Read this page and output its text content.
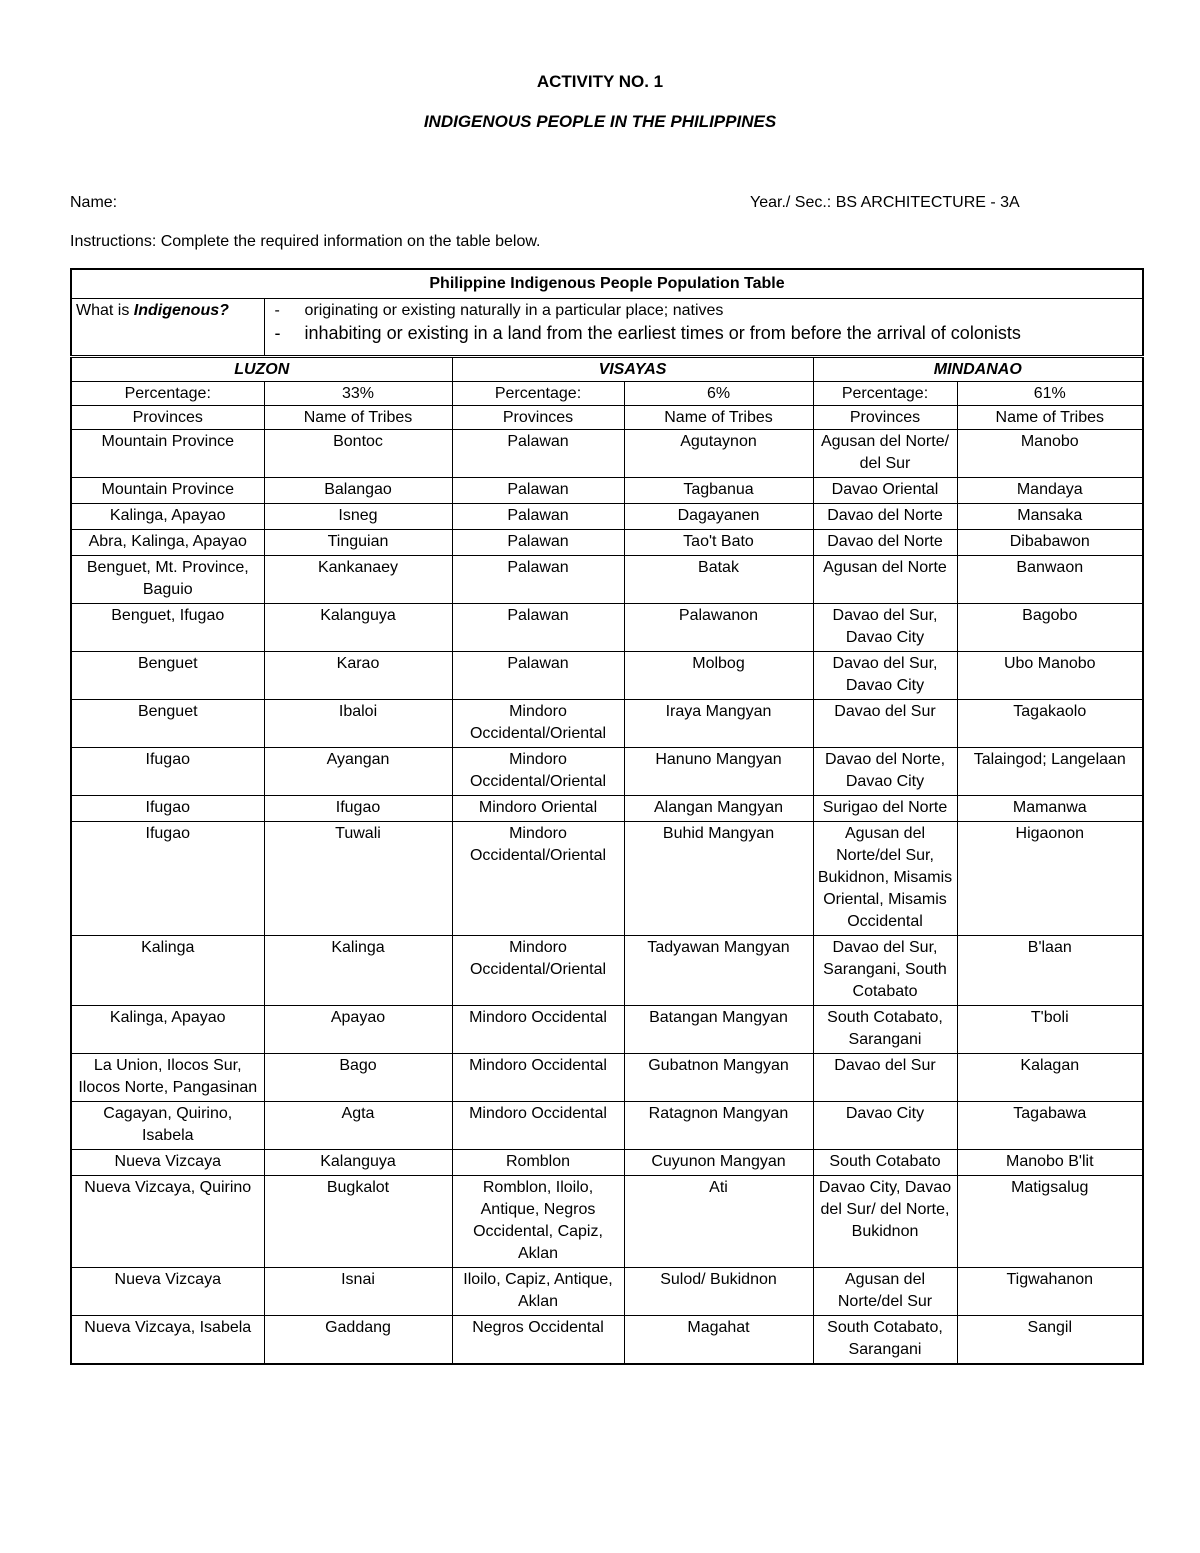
ACTIVITY NO. 1
INDIGENOUS PEOPLE IN THE PHILIPPINES
Name:	Year./ Sec.: BS ARCHITECTURE - 3A
Instructions: Complete the required information on the table below.
Philippine Indigenous People Population Table					
What is Indigenous?	- originating or existing naturally in a particular place; natives
- inhabiting or existing in a land from the earliest times or from before the arrival of colonists				

LUZON		VISAYAS		MINDANAO	
Percentage:	33%	Percentage:	6%	Percentage:	61%
Provinces	Name of Tribes	Provinces	Name of Tribes	Provinces	Name of Tribes
Mountain Province	Bontoc	Palawan	Agutaynon	Agusan del Norte/ del Sur	Manobo
Mountain Province	Balangao	Palawan	Tagbanua	Davao Oriental	Mandaya
Kalinga, Apayao	Isneg	Palawan	Dagayanen	Davao del Norte	Mansaka
Abra, Kalinga, Apayao	Tinguian	Palawan	Tao't Bato	Davao del Norte	Dibabawon
Benguet, Mt. Province, Baguio	Kankanaey	Palawan	Batak	Agusan del Norte	Banwaon
Benguet, Ifugao	Kalanguya	Palawan	Palawanon	Davao del Sur, Davao City	Bagobo
Benguet	Karao	Palawan	Molbog	Davao del Sur, Davao City	Ubo Manobo
Benguet	Ibaloi	Mindoro Occidental/Oriental	Iraya Mangyan	Davao del Sur	Tagakaolo
Ifugao	Ayangan	Mindoro Occidental/Oriental	Hanuno Mangyan	Davao del Norte, Davao City	Talaingod; Langelaan
Ifugao	Ifugao	Mindoro Oriental	Alangan Mangyan	Surigao del Norte	Mamanwa
Ifugao	Tuwali	Mindoro Occidental/Oriental	Buhid Mangyan	Agusan del Norte/del Sur, Bukidnon, Misamis Oriental, Misamis Occidental	Higaonon
Kalinga	Kalinga	Mindoro Occidental/Oriental	Tadyawan Mangyan	Davao del Sur, Sarangani, South Cotabato	B'laan
Kalinga, Apayao	Apayao	Mindoro Occidental	Batangan Mangyan	South Cotabato, Sarangani	T'boli
La Union, Ilocos Sur, Ilocos Norte, Pangasinan	Bago	Mindoro Occidental	Gubatnon Mangyan	Davao del Sur	Kalagan
Cagayan, Quirino, Isabela	Agta	Mindoro Occidental	Ratagnon Mangyan	Davao City	Tagabawa
Nueva Vizcaya	Kalanguya	Romblon	Cuyunon Mangyan	South Cotabato	Manobo B'lit
Nueva Vizcaya, Quirino	Bugkalot	Romblon, Iloilo, Antique, Negros Occidental, Capiz, Aklan	Ati	Davao City, Davao del Sur/ del Norte, Bukidnon	Matigsalug
Nueva Vizcaya	Isnai	Iloilo, Capiz, Antique, Aklan	Sulod/ Bukidnon	Agusan del Norte/del Sur	Tigwahanon
Nueva Vizcaya, Isabela	Gaddang	Negros Occidental	Magahat	South Cotabato, Sarangani	Sangil
